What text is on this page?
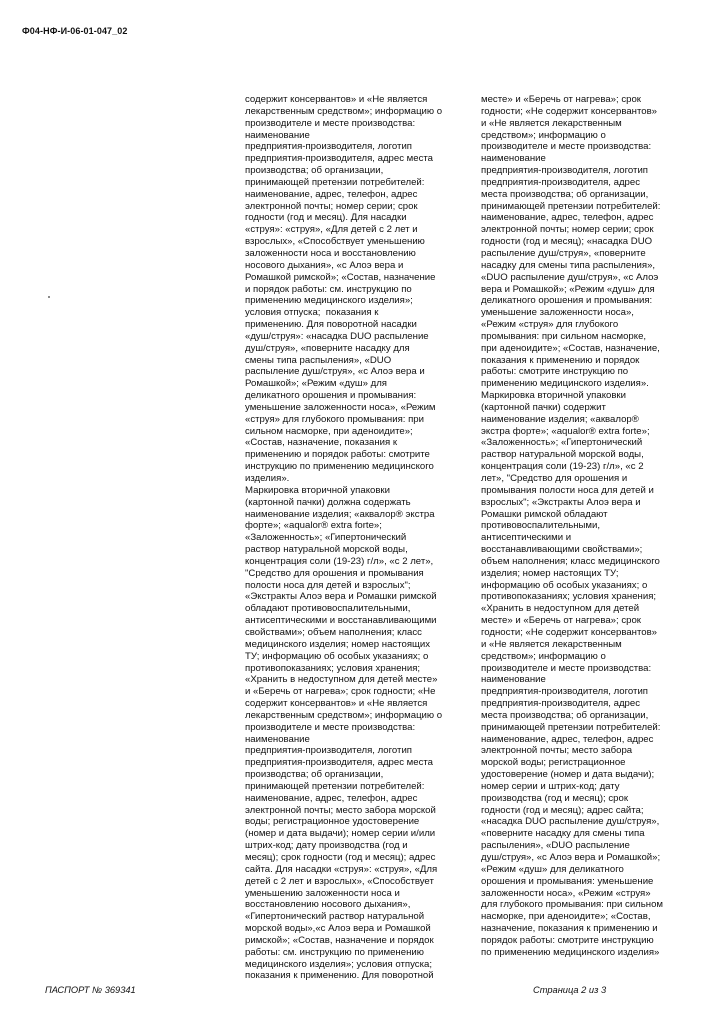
Ф04-НФ-И-06-01-047_02
содержит консервантов» и «Не является
лекарственным средством»; информацию о
производителе и месте производства:
наименование
предприятия-производителя, логотип
предприятия-производителя, адрес места
производства; об организации,
принимающей претензии потребителей:
наименование, адрес, телефон, адрес
электронной почты; номер серии; срок
годности (год и месяц). Для насадки
«струя»: «струя», «Для детей с 2 лет и
взрослых», «Способствует уменьшению
заложенности носа и восстановлению
носового дыхания», «с Алоэ вера и
Ромашкой римской»; «Состав, назначение
и порядок работы: см. инструкцию по
применению медицинского изделия»;
условия отпуска;  показания к
применению. Для поворотной насадки
«душ/струя»: «насадка DUO распыление
душ/струя», «поверните насадку для
смены типа распыления», «DUO
распыление душ/струя», «с Алоэ вера и
Ромашкой»; «Режим «душ» для
деликатного орошения и промывания:
уменьшение заложенности носа», «Режим
«струя» для глубокого промывания: при
сильном насморке, при аденоидите»;
«Состав, назначение, показания к
применению и порядок работы: смотрите
инструкцию по применению медицинского
изделия».
Маркировка вторичной упаковки
(картонной пачки) должна содержать
наименование изделия; «аквалор® экстра
форте»; «aqualor® extra forte»;
«Заложенность»; «Гипертонический
раствор натуральной морской воды,
концентрация соли (19-23) г/л», «с 2 лет»,
"Средство для орошения и промывания
полости носа для детей и взрослых";
«Экстракты Алоэ вера и Ромашки римской
обладают противовоспалительными,
антисептическими и восстанавливающими
свойствами»; объем наполнения; класс
медицинского изделия; номер настоящих
ТУ; информацию об особых указаниях; о
противопоказаниях; условия хранения;
«Хранить в недоступном для детей месте»
и «Беречь от нагрева»; срок годности; «Не
содержит консервантов» и «Не является
лекарственным средством»; информацию о
производителе и месте производства:
наименование
предприятия-производителя, логотип
предприятия-производителя, адрес места
производства; об организации,
принимающей претензии потребителей:
наименование, адрес, телефон, адрес
электронной почты; место забора морской
воды; регистрационное удостоверение
(номер и дата выдачи); номер серии и/или
штрих-код; дату производства (год и
месяц); срок годности (год и месяц); адрес
сайта. Для насадки «струя»: «струя», «Для
детей с 2 лет и взрослых», «Способствует
уменьшению заложенности носа и
восстановлению носового дыхания»,
«Гипертонический раствор натуральной
морской воды»,«с Алоэ вера и Ромашкой
римской»; «Состав, назначение и порядок
работы: см. инструкцию по применению
медицинского изделия»; условия отпуска;
показания к применению. Для поворотной
месте» и «Беречь от нагрева»; срок
годности; «Не содержит консервантов»
и «Не является лекарственным
средством»; информацию о
производителе и месте производства:
наименование
предприятия-производителя, логотип
предприятия-производителя, адрес
места производства; об организации,
принимающей претензии потребителей:
наименование, адрес, телефон, адрес
электронной почты; номер серии; срок
годности (год и месяц); «насадка DUO
распыление душ/струя», «поверните
насадку для смены типа распыления»,
«DUO распыление душ/струя», «с Алоэ
вера и Ромашкой»; «Режим «душ» для
деликатного орошения и промывания:
уменьшение заложенности носа»,
«Режим «струя» для глубокого
промывания: при сильном насморке,
при аденоидите»; «Состав, назначение,
показания к применению и порядок
работы: смотрите инструкцию по
применению медицинского изделия».
Маркировка вторичной упаковки
(картонной пачки) содержит
наименование изделия; «аквалор®
экстра форте»; «aqualor® extra forte»;
«Заложенность»; «Гипертонический
раствор натуральной морской воды,
концентрация соли (19-23) г/л», «с 2
лет», "Средство для орошения и
промывания полости носа для детей и
взрослых"; «Экстракты Алоэ вера и
Ромашки римской обладают
противовоспалительными,
антисептическими и
восстанавливающими свойствами»;
объем наполнения; класс медицинского
изделия; номер настоящих ТУ;
информацию об особых указаниях; о
противопоказаниях; условия хранения;
«Хранить в недоступном для детей
месте» и «Беречь от нагрева»; срок
годности; «Не содержит консервантов»
и «Не является лекарственным
средством»; информацию о
производителе и месте производства:
наименование
предприятия-производителя, логотип
предприятия-производителя, адрес
места производства; об организации,
принимающей претензии потребителей:
наименование, адрес, телефон, адрес
электронной почты; место забора
морской воды; регистрационное
удостоверение (номер и дата выдачи);
номер серии и штрих-код; дату
производства (год и месяц); срок
годности (год и месяц); адрес сайта;
«насадка DUO распыление душ/струя»,
«поверните насадку для смены типа
распыления», «DUO распыление
душ/струя», «с Алоэ вера и Ромашкой»;
«Режим «душ» для деликатного
орошения и промывания: уменьшение
заложенности носа», «Режим «струя»
для глубокого промывания: при сильном
насморке, при аденоидите»; «Состав,
назначение, показания к применению и
порядок работы: смотрите инструкцию
по применению медицинского изделия»
ПАСПОРТ № 369341	Страница 2 из 3
